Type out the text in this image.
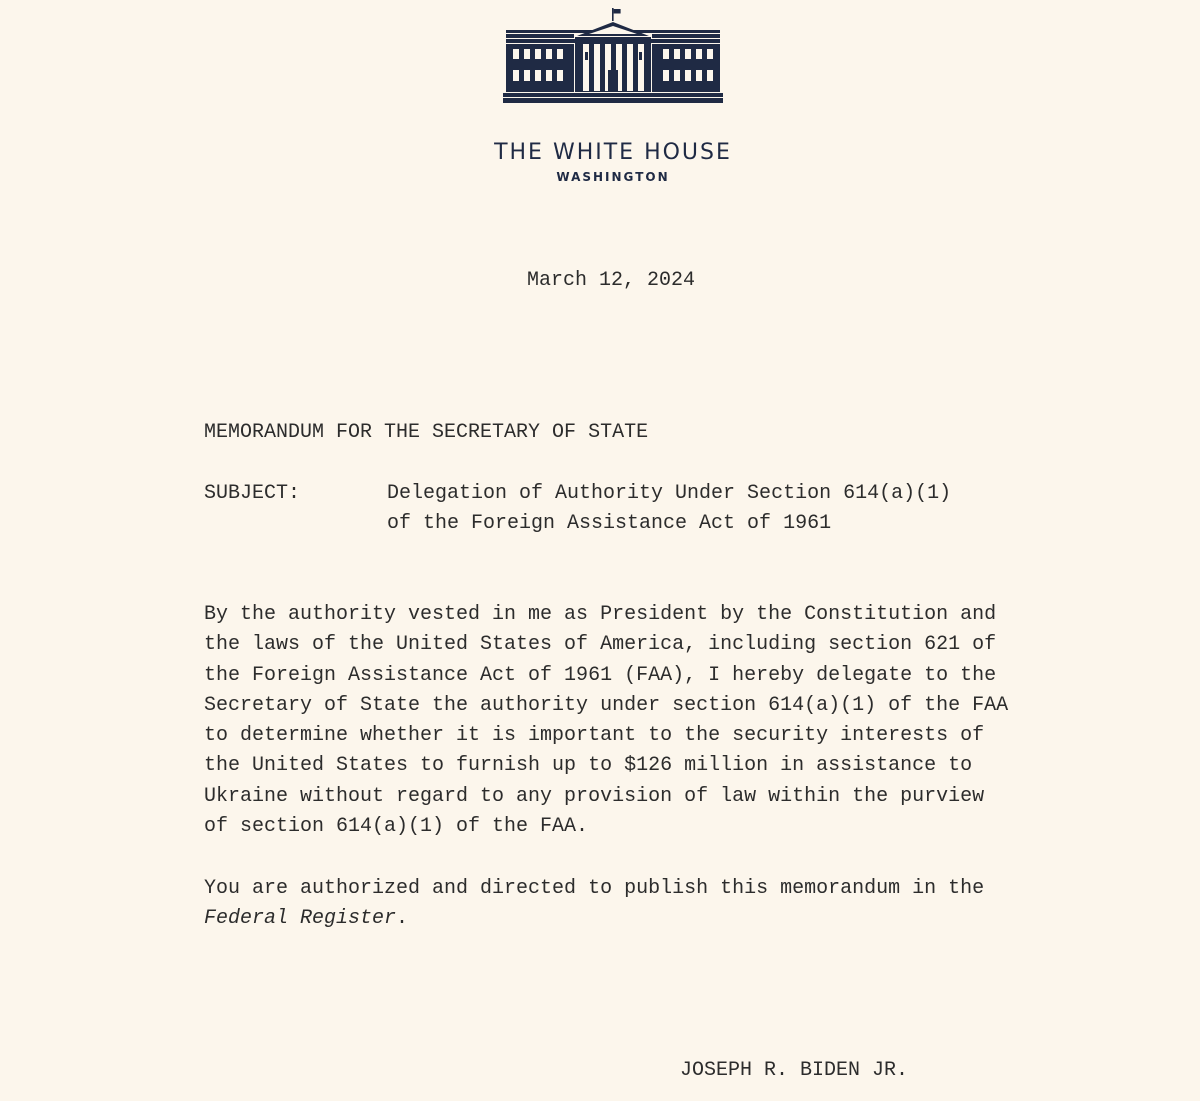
THE WHITE HOUSE
WASHINGTON
March 12, 2024
MEMORANDUM FOR THE SECRETARY OF STATE
SUBJECT:	Delegation of Authority Under Section 614(a)(1)
of the Foreign Assistance Act of 1961
By the authority vested in me as President by the Constitution and
the laws of the United States of America, including section 621 of
the Foreign Assistance Act of 1961 (FAA), I hereby delegate to the
Secretary of State the authority under section 614(a)(1) of the FAA
to determine whether it is important to the security interests of
the United States to furnish up to $126 million in assistance to
Ukraine without regard to any provision of law within the purview
of section 614(a)(1) of the FAA.
You are authorized and directed to publish this memorandum in the
Federal Register.
JOSEPH R. BIDEN JR.
